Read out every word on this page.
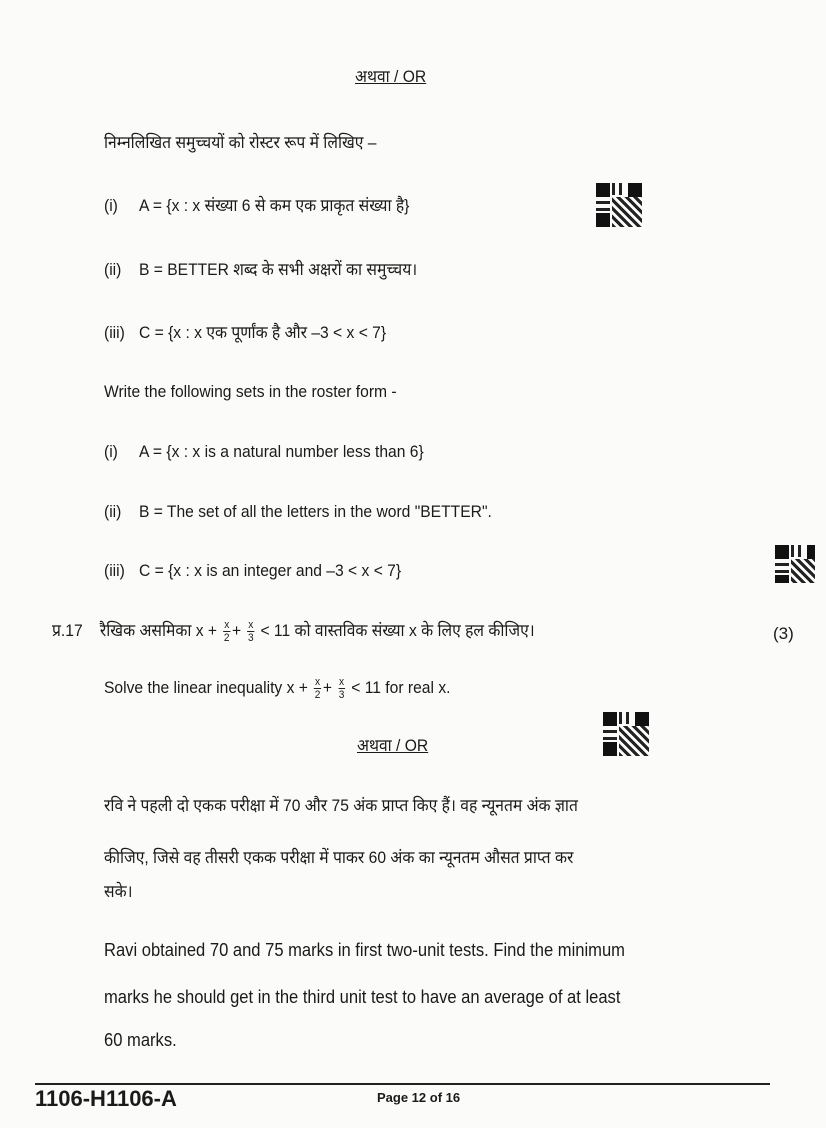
अथवा / OR
निम्नलिखित समुच्चयों को रोस्टर रूप में लिखिए –
(i) A = {x : x संख्या 6 से कम एक प्राकृत संख्या है}
(ii) B = BETTER शब्द के सभी अक्षरों का समुच्चय।
(iii) C = {x : x एक पूर्णांक है और –3 < x < 7}
Write the following sets in the roster form -
(i) A = {x : x is a natural number less than 6}
(ii) B = The set of all the letters in the word "BETTER".
(iii) C = {x : x is an integer and –3 < x < 7}
प्र.17 रैखिक असमिका $x + \frac{x}{2} + \frac{x}{3} < 11$ को वास्तविक संख्या x के लिए हल कीजिए।	(3)
Solve the linear inequality $x + \frac{x}{2} + \frac{x}{3} < 11$ for real x.
अथवा / OR
रवि ने पहली दो एकक परीक्षा में 70 और 75 अंक प्राप्त किए हैं। वह न्यूनतम अंक ज्ञात
कीजिए, जिसे वह तीसरी एकक परीक्षा में पाकर 60 अंक का न्यूनतम औसत प्राप्त कर
सके।
Ravi obtained 70 and 75 marks in first two-unit tests. Find the minimum
marks he should get in the third unit test to have an average of at least
60 marks.
1106-H1106-A	Page 12 of 16
